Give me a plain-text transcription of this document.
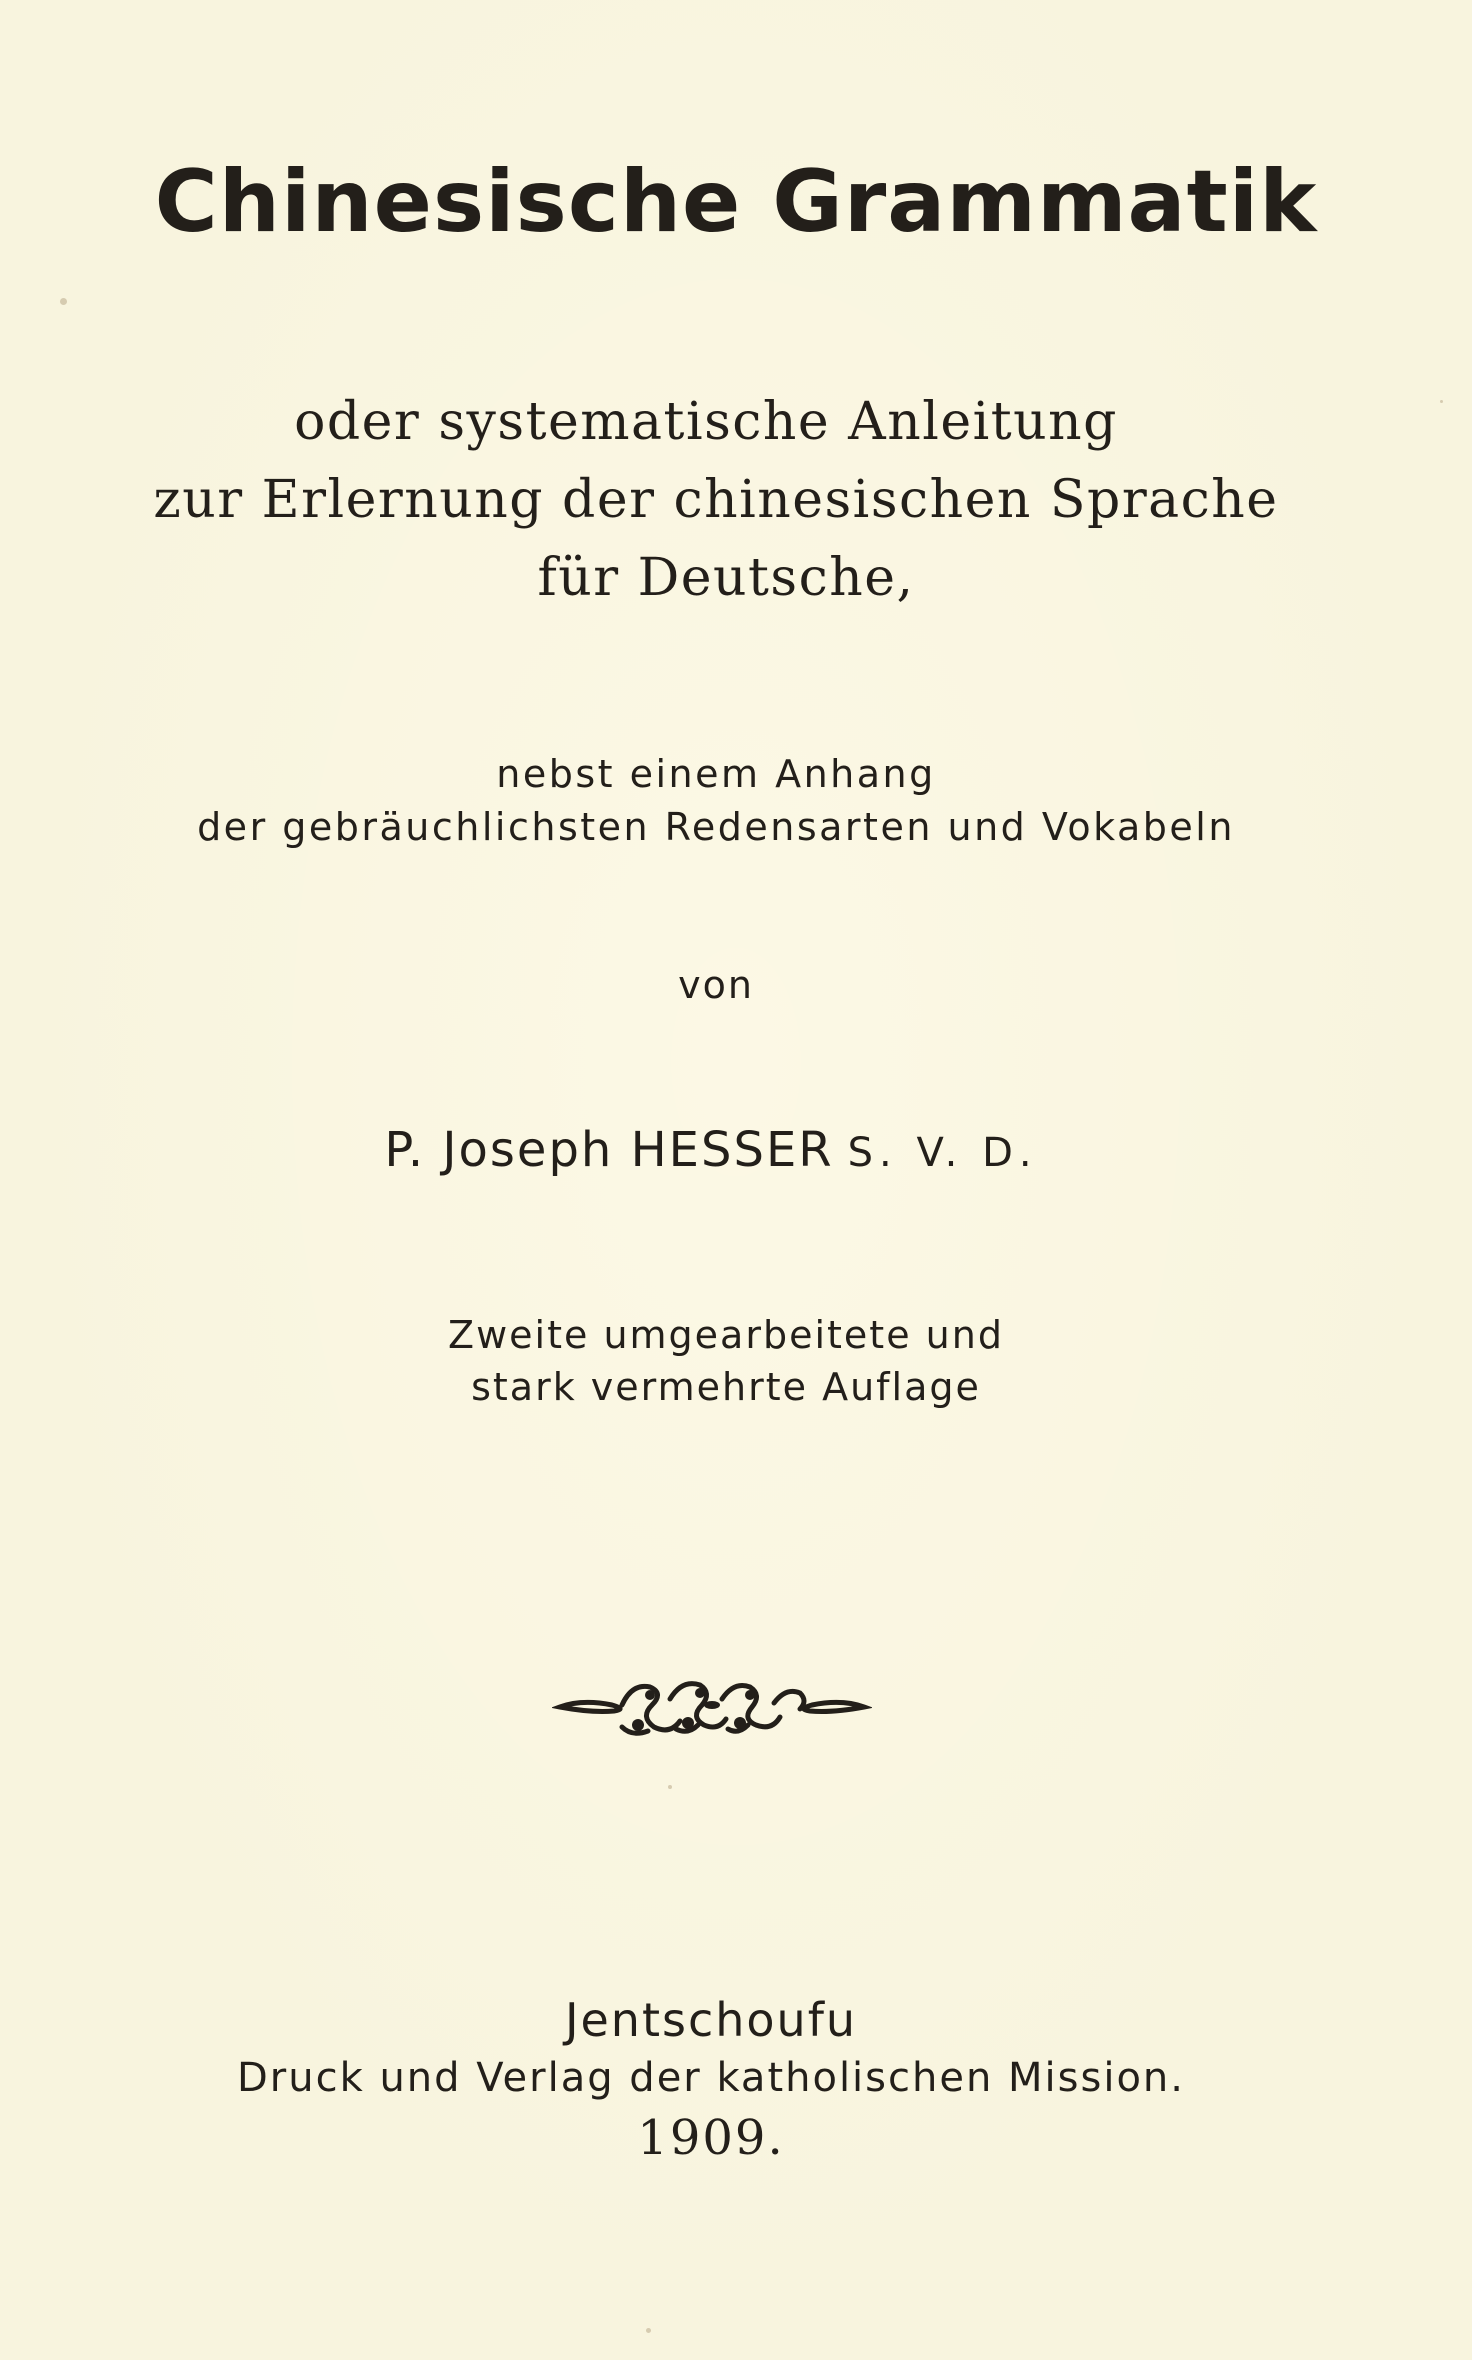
Chinesische Grammatik
oder systematische Anleitung
zur Erlernung der chinesischen Sprache
für Deutsche,
nebst einem Anhang
der gebräuchlichsten Redensarten und Vokabeln
von
P. Joseph HESSER S. V. D.
Zweite umgearbeitete und
stark vermehrte Auflage
Jentschoufu
Druck und Verlag der katholischen Mission.
1909.
